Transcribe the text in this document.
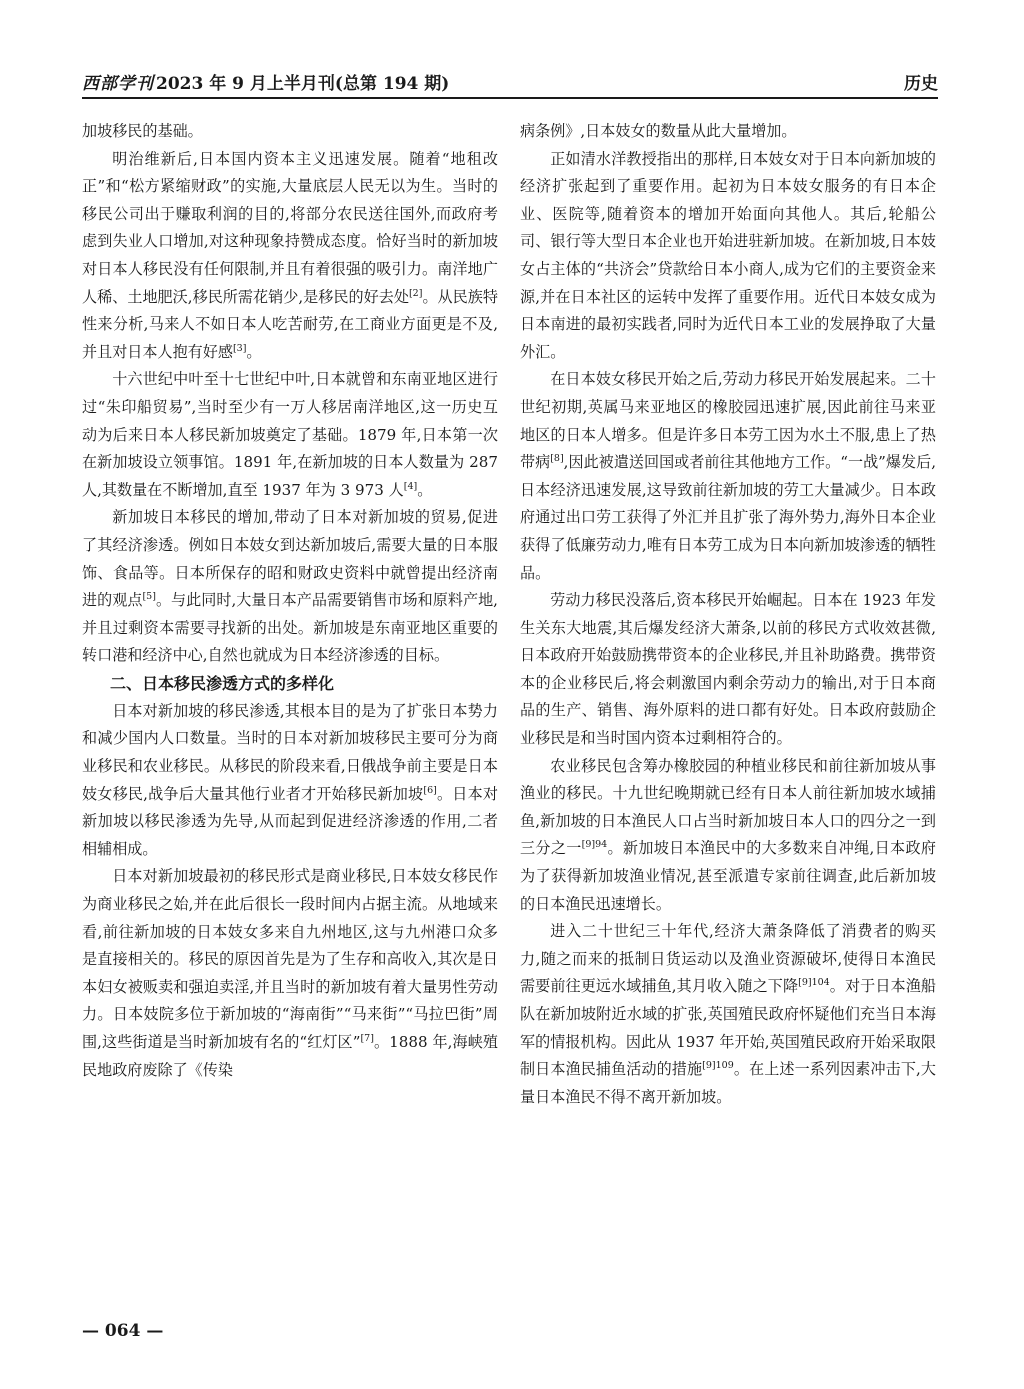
西部学刊 2023 年 9 月上半月刊(总第 194 期)	历史

加坡移民的基础。

明治维新后,日本国内资本主义迅速发展。随着“地租改正”和“松方紧缩财政”的实施,大量底层人民无以为生。当时的移民公司出于赚取利润的目的,将部分农民送往国外,而政府考虑到失业人口增加,对这种现象持赞成态度。恰好当时的新加坡对日本人移民没有任何限制,并且有着很强的吸引力。南洋地广人稀、土地肥沃,移民所需花销少,是移民的好去处[2]。从民族特性来分析,马来人不如日本人吃苦耐劳,在工商业方面更是不及,并且对日本人抱有好感[3]。

十六世纪中叶至十七世纪中叶,日本就曾和东南亚地区进行过“朱印船贸易”,当时至少有一万人移居南洋地区,这一历史互动为后来日本人移民新加坡奠定了基础。1879 年,日本第一次在新加坡设立领事馆。1891 年,在新加坡的日本人数量为 287 人,其数量在不断增加,直至 1937 年为 3 973 人[4]。

新加坡日本移民的增加,带动了日本对新加坡的贸易,促进了其经济渗透。例如日本妓女到达新加坡后,需要大量的日本服饰、食品等。日本所保存的昭和财政史资料中就曾提出经济南进的观点[5]。与此同时,大量日本产品需要销售市场和原料产地,并且过剩资本需要寻找新的出处。新加坡是东南亚地区重要的转口港和经济中心,自然也就成为日本经济渗透的目标。

二、日本移民渗透方式的多样化

日本对新加坡的移民渗透,其根本目的是为了扩张日本势力和减少国内人口数量。当时的日本对新加坡移民主要可分为商业移民和农业移民。从移民的阶段来看,日俄战争前主要是日本妓女移民,战争后大量其他行业者才开始移民新加坡[6]。日本对新加坡以移民渗透为先导,从而起到促进经济渗透的作用,二者相辅相成。

日本对新加坡最初的移民形式是商业移民,日本妓女移民作为商业移民之始,并在此后很长一段时间内占据主流。从地域来看,前往新加坡的日本妓女多来自九州地区,这与九州港口众多是直接相关的。移民的原因首先是为了生存和高收入,其次是日本妇女被贩卖和强迫卖淫,并且当时的新加坡有着大量男性劳动力。日本妓院多位于新加坡的“海南街”“马来街”“马拉巴街”周围,这些街道是当时新加坡有名的“红灯区”[7]。1888 年,海峡殖民地政府废除了《传染

病条例》,日本妓女的数量从此大量增加。

正如清水洋教授指出的那样,日本妓女对于日本向新加坡的经济扩张起到了重要作用。起初为日本妓女服务的有日本企业、医院等,随着资本的增加开始面向其他人。其后,轮船公司、银行等大型日本企业也开始进驻新加坡。在新加坡,日本妓女占主体的“共济会”贷款给日本小商人,成为它们的主要资金来源,并在日本社区的运转中发挥了重要作用。近代日本妓女成为日本南进的最初实践者,同时为近代日本工业的发展挣取了大量外汇。

在日本妓女移民开始之后,劳动力移民开始发展起来。二十世纪初期,英属马来亚地区的橡胶园迅速扩展,因此前往马来亚地区的日本人增多。但是许多日本劳工因为水土不服,患上了热带病[8],因此被遣送回国或者前往其他地方工作。“一战”爆发后,日本经济迅速发展,这导致前往新加坡的劳工大量减少。日本政府通过出口劳工获得了外汇并且扩张了海外势力,海外日本企业获得了低廉劳动力,唯有日本劳工成为日本向新加坡渗透的牺牲品。

劳动力移民没落后,资本移民开始崛起。日本在 1923 年发生关东大地震,其后爆发经济大萧条,以前的移民方式收效甚微,日本政府开始鼓励携带资本的企业移民,并且补助路费。携带资本的企业移民后,将会刺激国内剩余劳动力的输出,对于日本商品的生产、销售、海外原料的进口都有好处。日本政府鼓励企业移民是和当时国内资本过剩相符合的。

农业移民包含筹办橡胶园的种植业移民和前往新加坡从事渔业的移民。十九世纪晚期就已经有日本人前往新加坡水域捕鱼,新加坡的日本渔民人口占当时新加坡日本人口的四分之一到三分之一$^{[9]94}$。新加坡日本渔民中的大多数来自冲绳,日本政府为了获得新加坡渔业情况,甚至派遣专家前往调查,此后新加坡的日本渔民迅速增长。

进入二十世纪三十年代,经济大萧条降低了消费者的购买力,随之而来的抵制日货运动以及渔业资源破坏,使得日本渔民需要前往更远水域捕鱼,其月收入随之下降$^{[9]104}$。对于日本渔船队在新加坡附近水域的扩张,英国殖民政府怀疑他们充当日本海军的情报机构。因此从 1937 年开始,英国殖民政府开始采取限制日本渔民捕鱼活动的措施$^{[9]109}$。在上述一系列因素冲击下,大量日本渔民不得不离开新加坡。

— 064 —
